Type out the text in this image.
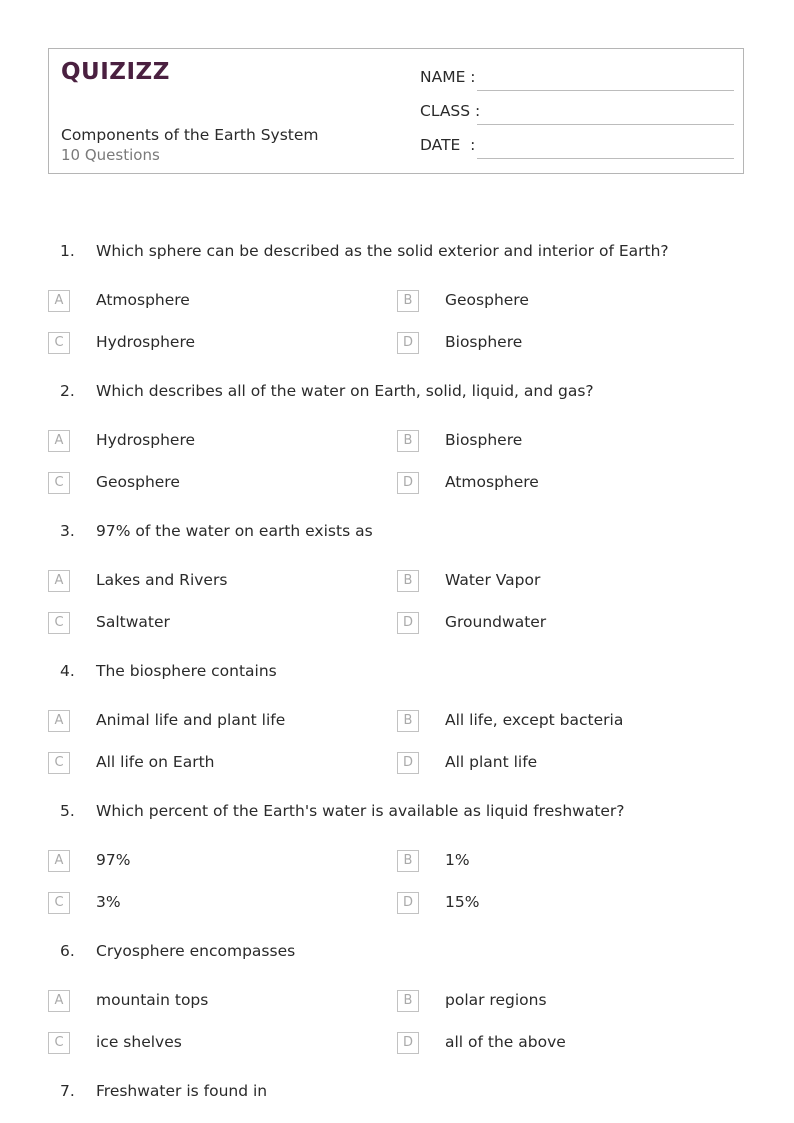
QUIZIZZ
Components of the Earth System
10 Questions
NAME :
CLASS :
DATE  :
1. Which sphere can be described as the solid exterior and interior of Earth?
A	Atmosphere	B	Geosphere
C	Hydrosphere	D	Biosphere
2. Which describes all of the water on Earth, solid, liquid, and gas?
A	Hydrosphere	B	Biosphere
C	Geosphere	D	Atmosphere
3. 97% of the water on earth exists as
A	Lakes and Rivers	B	Water Vapor
C	Saltwater	D	Groundwater
4. The biosphere contains
A	Animal life and plant life	B	All life, except bacteria
C	All life on Earth	D	All plant life
5. Which percent of the Earth's water is available as liquid freshwater?
A	97%	B	1%
C	3%	D	15%
6. Cryosphere encompasses
A	mountain tops	B	polar regions
C	ice shelves	D	all of the above
7. Freshwater is found in
